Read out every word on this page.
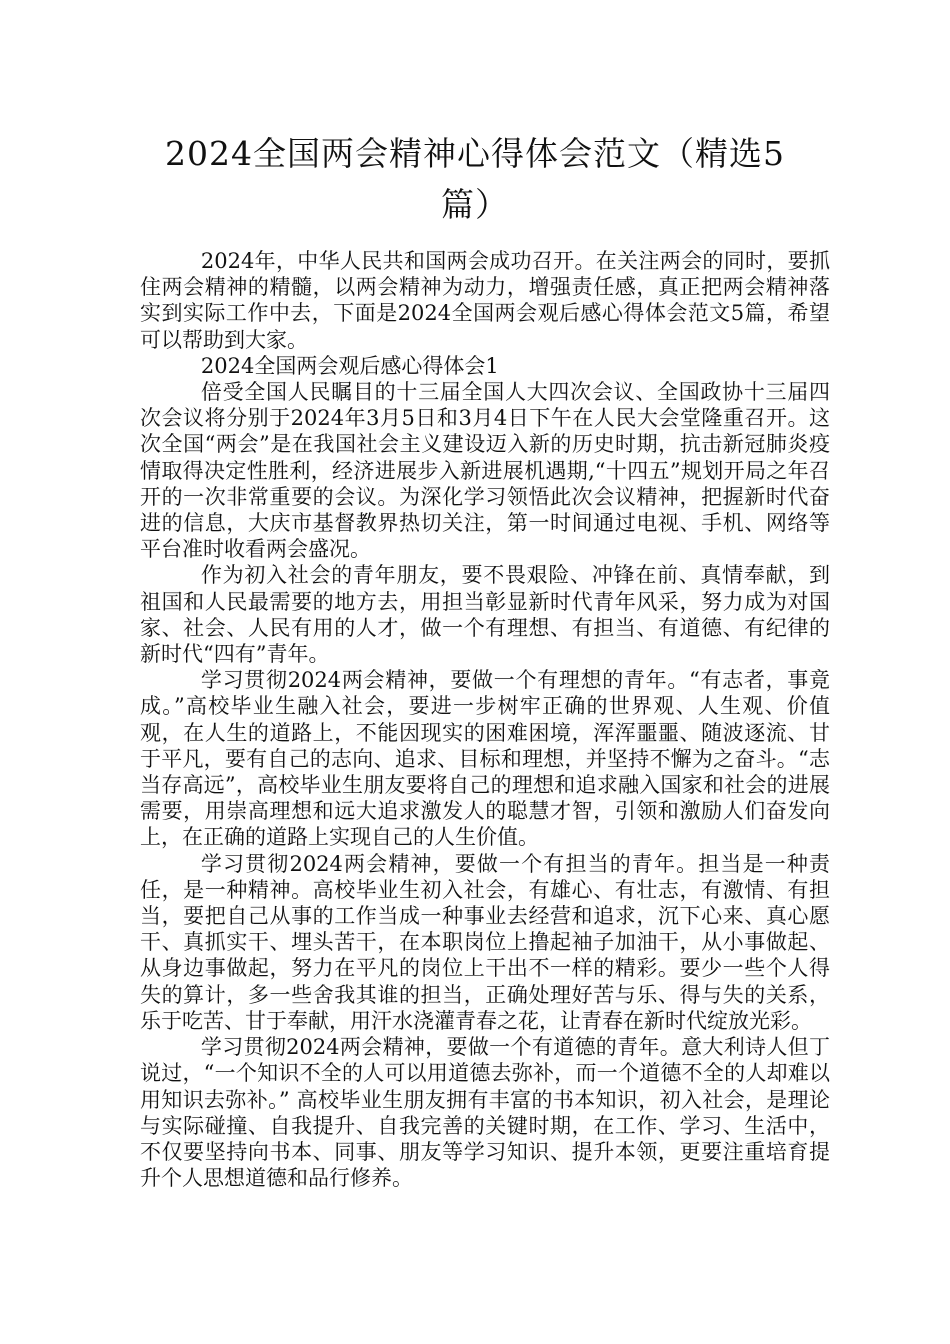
2024全国两会精神心得体会范文（精选5篇）

2024年，中华人民共和国两会成功召开。在关注两会的同时，要抓住两会精神的精髓，以两会精神为动力，增强责任感，真正把两会精神落实到实际工作中去，下面是2024全国两会观后感心得体会范文5篇，希望可以帮助到大家。

2024全国两会观后感心得体会1

倍受全国人民瞩目的十三届全国人大四次会议、全国政协十三届四次会议将分别于2024年3月5日和3月4日下午在人民大会堂隆重召开。这次全国“两会”是在我国社会主义建设迈入新的历史时期，抗击新冠肺炎疫情取得决定性胜利，经济进展步入新进展机遇期,“十四五”规划开局之年召开的一次非常重要的会议。为深化学习领悟此次会议精神，把握新时代奋进的信息，大庆市基督教界热切关注，第一时间通过电视、手机、网络等平台准时收看两会盛况。

作为初入社会的青年朋友，要不畏艰险、冲锋在前、真情奉献，到祖国和人民最需要的地方去，用担当彰显新时代青年风采，努力成为对国家、社会、人民有用的人才，做一个有理想、有担当、有道德、有纪律的新时代“四有”青年。

学习贯彻2024两会精神，要做一个有理想的青年。“有志者，事竟成。”高校毕业生融入社会，要进一步树牢正确的世界观、人生观、价值观，在人生的道路上，不能因现实的困难困境，浑浑噩噩、随波逐流、甘于平凡，要有自己的志向、追求、目标和理想，并坚持不懈为之奋斗。“志当存高远”，高校毕业生朋友要将自己的理想和追求融入国家和社会的进展需要，用崇高理想和远大追求激发人的聪慧才智，引领和激励人们奋发向上，在正确的道路上实现自己的人生价值。

学习贯彻2024两会精神，要做一个有担当的青年。担当是一种责任，是一种精神。高校毕业生初入社会，有雄心、有壮志，有激情、有担当，要把自己从事的工作当成一种事业去经营和追求，沉下心来、真心愿干、真抓实干、埋头苦干，在本职岗位上撸起袖子加油干，从小事做起、从身边事做起，努力在平凡的岗位上干出不一样的精彩。要少一些个人得失的算计，多一些舍我其谁的担当，正确处理好苦与乐、得与失的关系，乐于吃苦、甘于奉献，用汗水浇灌青春之花，让青春在新时代绽放光彩。

学习贯彻2024两会精神，要做一个有道德的青年。意大利诗人但丁说过，“一个知识不全的人可以用道德去弥补，而一个道德不全的人却难以用知识去弥补。” 高校毕业生朋友拥有丰富的书本知识，初入社会，是理论与实际碰撞、自我提升、自我完善的关键时期，在工作、学习、生活中，不仅要坚持向书本、同事、朋友等学习知识、提升本领，更要注重培育提升个人思想道德和品行修养。
